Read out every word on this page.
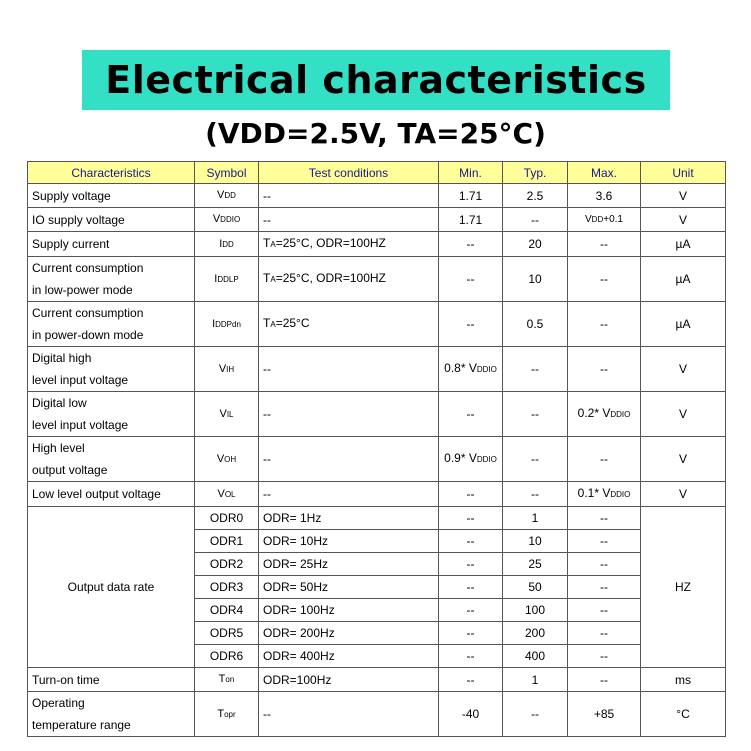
Electrical characteristics
(VDD=2.5V, TA=25°C)
Characteristics	Symbol	Test conditions	Min.	Typ.	Max.	Unit
Supply voltage	VDD	--	1.71	2.5	3.6	V
IO supply voltage	VDDIO	--	1.71	--	VDD+0.1	V
Supply current	IDD	TA=25°C, ODR=100HZ	--	20	--	µA
Current consumption
in low-power mode	IDDLP	TA=25°C, ODR=100HZ	--	10	--	µA
Current consumption
in power-down mode	IDDPdn	TA=25°C	--	0.5	--	µA
Digital high
level input voltage	VIH	--	0.8* VDDIO	--	--	V
Digital low
level input voltage	VIL	--	--	--	0.2* VDDIO	V
High level
output voltage	VOH	--	0.9* VDDIO	--	--	V
Low level output voltage	VOL	--	--	--	0.1* VDDIO	V
Output data rate	ODR0	ODR= 1Hz	--	1	--	HZ
	ODR1	ODR= 10Hz	--	10	--	
	ODR2	ODR= 25Hz	--	25	--	
	ODR3	ODR= 50Hz	--	50	--	
	ODR4	ODR= 100Hz	--	100	--	
	ODR5	ODR= 200Hz	--	200	--	
	ODR6	ODR= 400Hz	--	400	--	
Turn-on time	Ton	ODR=100Hz	--	1	--	ms
Operating
temperature range	Topr	--	-40	--	+85	°C
